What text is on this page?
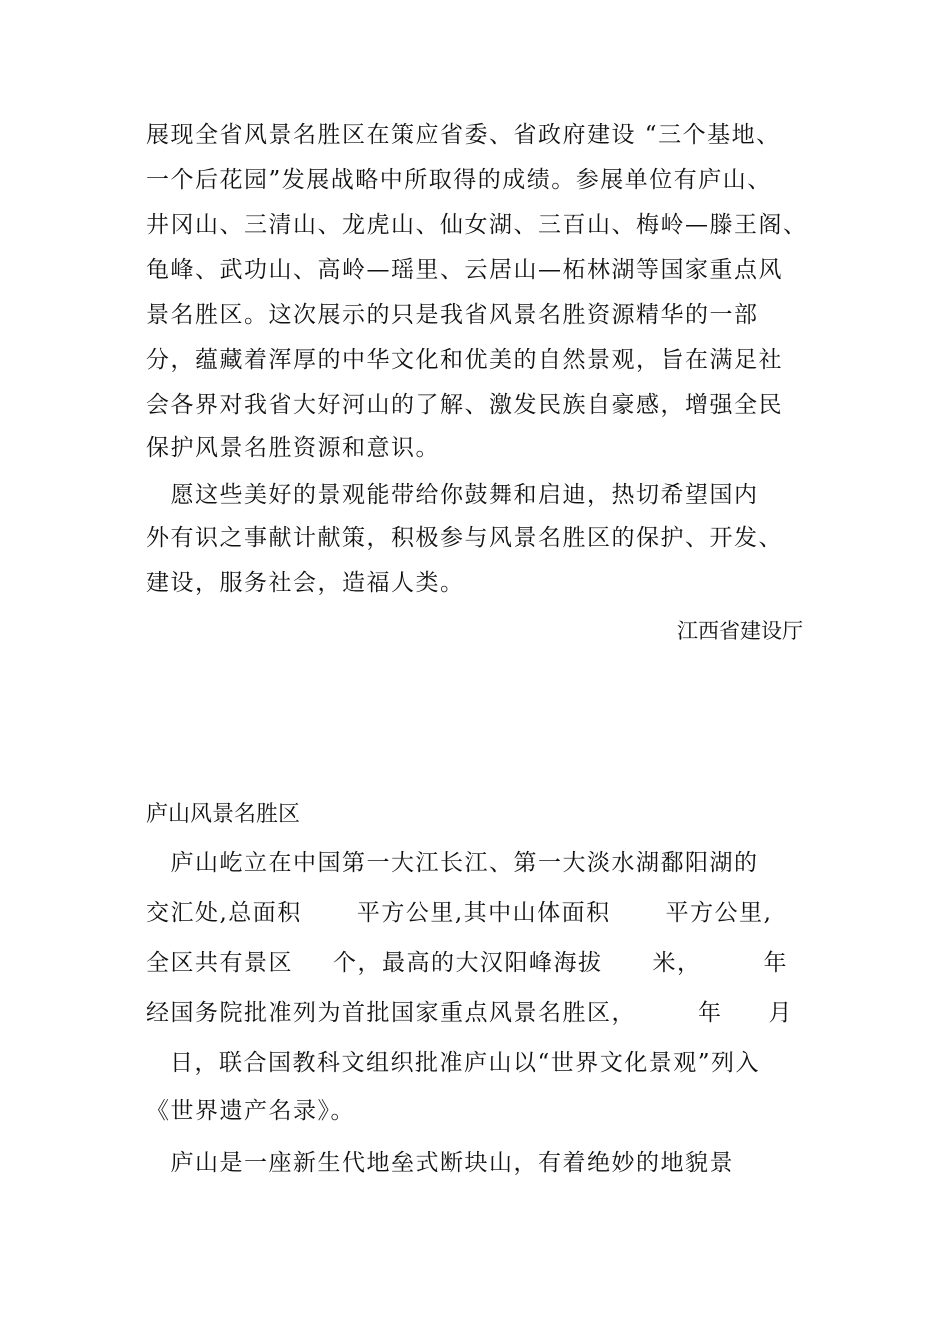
展现全省风景名胜区在策应省委、省政府建设 “三个基地、
一个后花园”发展战略中所取得的成绩。参展单位有庐山、
井冈山、三清山、龙虎山、仙女湖、三百山、梅岭—滕王阁、
龟峰、武功山、高岭—瑶里、云居山—柘林湖等国家重点风
景名胜区。这次展示的只是我省风景名胜资源精华的一部
分，蕴藏着浑厚的中华文化和优美的自然景观，旨在满足社
会各界对我省大好河山的了解、激发民族自豪感，增强全民
保护风景名胜资源和意识。
　愿这些美好的景观能带给你鼓舞和启迪，热切希望国内
外有识之事献计献策，积极参与风景名胜区的保护、开发、
建设，服务社会，造福人类。
江西省建设厅
庐山风景名胜区
　庐山屹立在中国第一大江长江、第一大淡水湖鄱阳湖的
交汇处,总面积 平方公里,其中山体面积 平方公里,
全区共有景区 个，最高的大汉阳峰海拔 米，	年
经国务院批准列为首批国家重点风景名胜区，	年 月
日，联合国教科文组织批准庐山以“世界文化景观”列入
《世界遗产名录》。
　庐山是一座新生代地垒式断块山，有着绝妙的地貌景
